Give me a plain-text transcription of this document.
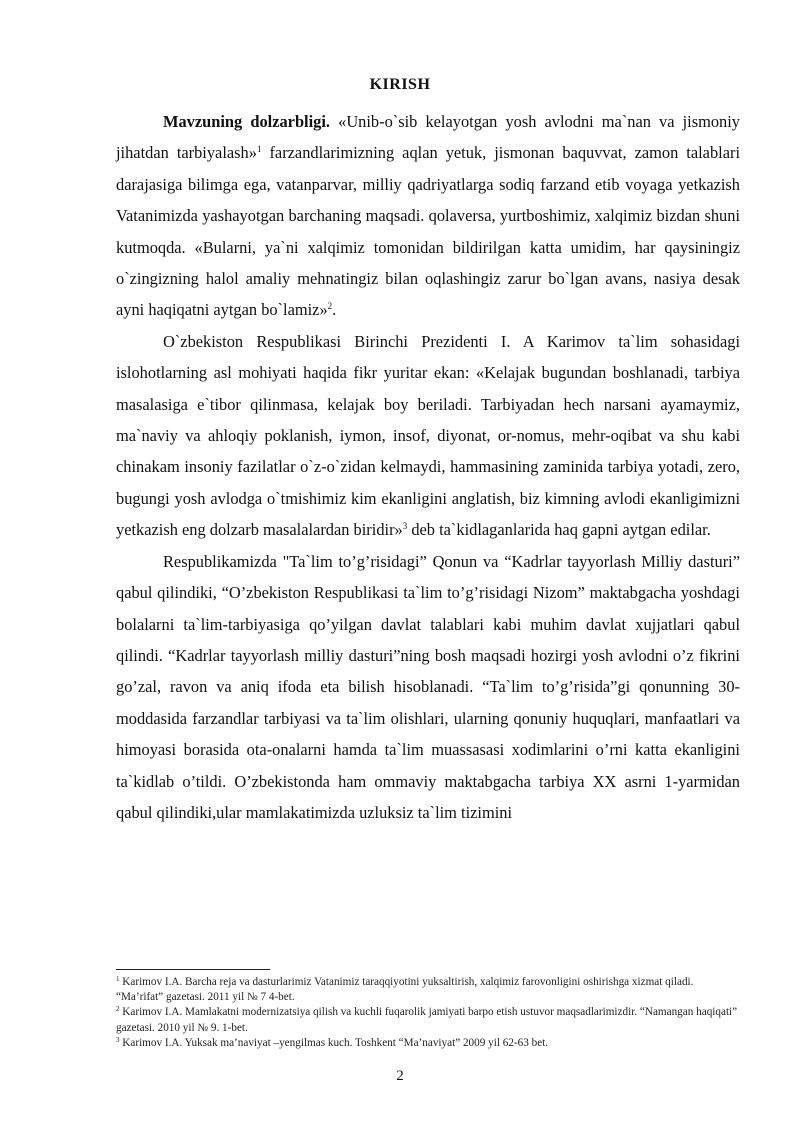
KIRISH

Mavzuning dolzarbligi. «Unib-o`sib kelayotgan yosh avlodni ma`nan va jismoniy jihatdan tarbiyalash»$^1$ farzandlarimizning aqlan yetuk, jismonan baquvvat, zamon talablari darajasiga bilimga ega, vatanparvar, milliy qadriyatlarga sodiq farzand etib voyaga yetkazish Vatanimizda yashayotgan barchaning maqsadi. qolaversa, yurtboshimiz, xalqimiz bizdan shuni kutmoqda. «Bularni, ya`ni xalqimiz tomonidan bildirilgan katta umidim, har qaysiningiz o`zingizning halol amaliy mehnatingiz bilan oqlashingiz zarur bo`lgan avans, nasiya desak ayni haqiqatni aytgan bo`lamiz»$^2$.

O`zbekiston Respublikasi Birinchi Prezidenti I. A Karimov ta`lim sohasidagi islohotlarning asl mohiyati haqida fikr yuritar ekan: «Kelajak bugundan boshlanadi, tarbiya masalasiga e`tibor qilinmasa, kelajak boy beriladi. Tarbiyadan hech narsani ayamaymiz, ma`naviy va ahloqiy poklanish, iymon, insof, diyonat, or-nomus, mehr-oqibat va shu kabi chinakam insoniy fazilatlar o`z-o`zidan kelmaydi, hammasining zaminida tarbiya yotadi, zero, bugungi yosh avlodga o`tmishimiz kim ekanligini anglatish, biz kimning avlodi ekanligimizni yetkazish eng dolzarb masalalardan biridir»$^3$ deb ta`kidlaganlarida haq gapni aytgan edilar.

Respublikamizda "Ta`lim to’g’risidagi” Qonun va “Kadrlar tayyorlash Milliy dasturi” qabul qilindiki, “O’zbekiston Respublikasi ta`lim to’g’risidagi Nizom” maktabgacha yoshdagi bolalarni ta`lim-tarbiyasiga qo’yilgan davlat talablari kabi muhim davlat xujjatlari qabul qilindi. “Kadrlar tayyorlash milliy dasturi”ning bosh maqsadi hozirgi yosh avlodni o’z fikrini go’zal, ravon va aniq ifoda eta bilish hisoblanadi. “Ta`lim to’g’risida”gi qonunning 30-moddasida farzandlar tarbiyasi va ta`lim olishlari, ularning qonuniy huquqlari, manfaatlari va himoyasi borasida ota-onalarni hamda ta`lim muassasasi xodimlarini o’rni katta ekanligini ta`kidlab o’tildi. O’zbekistonda ham ommaviy maktabgacha tarbiya XX asrni 1-yarmidan qabul qilindiki,ular mamlakatimizda uzluksiz ta`lim tizimini

$^1$ Karimov I.A. Barcha reja va dasturlarimiz Vatanimiz taraqqiyotini yuksaltirish, xalqimiz farovonligini oshirishga xizmat qiladi. “Ma’rifat” gazetasi. 2011 yil № 7 4-bet.

$^2$ Karimov I.A. Mamlakatni modernizatsiya qilish va kuchli fuqarolik jamiyati barpo etish ustuvor maqsadlarimizdir. “Namangan haqiqati” gazetasi. 2010 yil № 9. 1-bet.

$^3$ Karimov I.A. Yuksak ma’naviyat –yengilmas kuch. Toshkent “Ma’naviyat” 2009 yil 62-63 bet.

2
